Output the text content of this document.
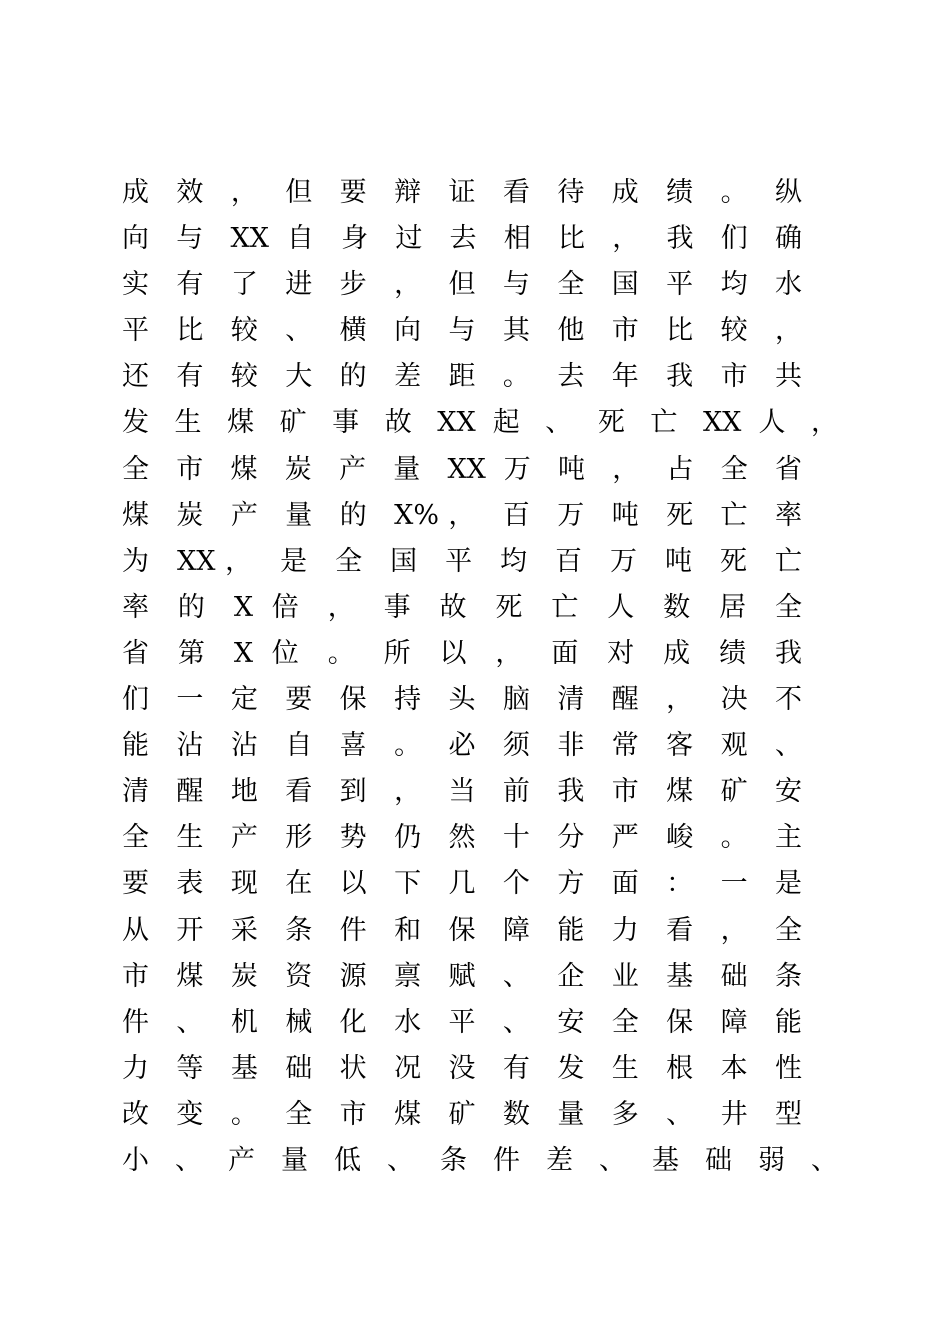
成 效 ， 但 要 辩 证 看 待 成 绩 。 纵
向 与 XX 自 身 过 去 相 比 ， 我 们 确
实 有 了 进 步 ， 但 与 全 国 平 均 水
平 比 较 、 横 向 与 其 他 市 比 较 ，
还 有 较 大 的 差 距 。 去 年 我 市 共
发 生 煤 矿 事 故 XX 起 、 死 亡 XX 人 ，
全 市 煤 炭 产 量 XX 万 吨 ， 占 全 省
煤 炭 产 量 的 X%， 百 万 吨 死 亡 率
为 XX， 是 全 国 平 均 百 万 吨 死 亡
率 的 X 倍 ， 事 故 死 亡 人 数 居 全
省 第 X 位 。 所 以 ， 面 对 成 绩 我
们 一 定 要 保 持 头 脑 清 醒 ， 决 不
能 沾 沾 自 喜 。 必 须 非 常 客 观 、
清 醒 地 看 到 ， 当 前 我 市 煤 矿 安
全 生 产 形 势 仍 然 十 分 严 峻 。 主
要 表 现 在 以 下 几 个 方 面 ： 一 是
从 开 采 条 件 和 保 障 能 力 看 ， 全
市 煤 炭 资 源 禀 赋 、 企 业 基 础 条
件 、 机 械 化 水 平 、 安 全 保 障 能
力 等 基 础 状 况 没 有 发 生 根 本 性
改 变 。 全 市 煤 矿 数 量 多 、 井 型
小 、 产 量 低 、 条 件 差 、 基 础 弱 、
